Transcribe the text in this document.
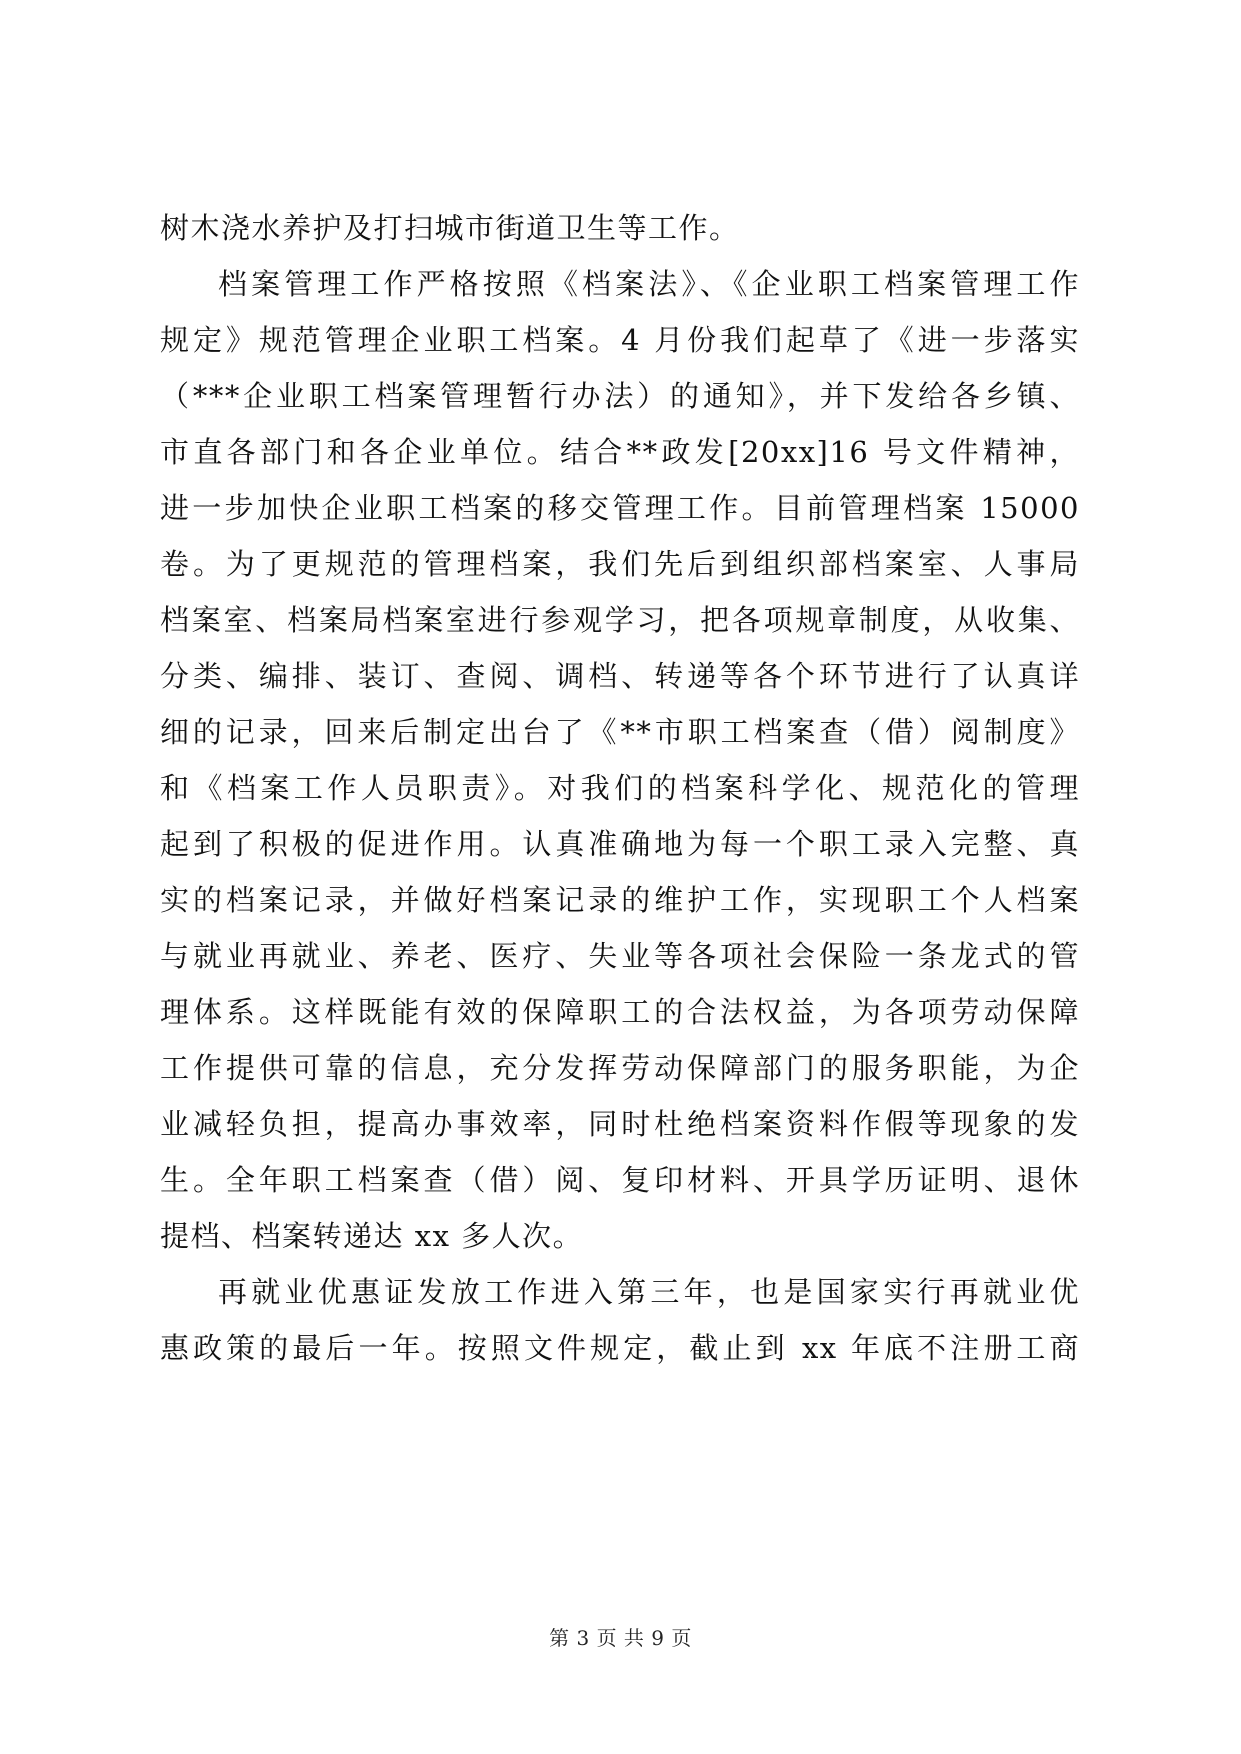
树木浇水养护及打扫城市街道卫生等工作。
档案管理工作严格按照《档案法》、《企业职工档案管理工作
规定》规范管理企业职工档案。4 月份我们起草了《进一步落实
（***企业职工档案管理暂行办法）的通知》，并下发给各乡镇、
市直各部门和各企业单位。结合**政发[20xx]16 号文件精神，
进一步加快企业职工档案的移交管理工作。目前管理档案 15000
卷。为了更规范的管理档案，我们先后到组织部档案室、人事局
档案室、档案局档案室进行参观学习，把各项规章制度，从收集、
分类、编排、装订、查阅、调档、转递等各个环节进行了认真详
细的记录，回来后制定出台了《**市职工档案查（借）阅制度》
和《档案工作人员职责》。对我们的档案科学化、规范化的管理
起到了积极的促进作用。认真准确地为每一个职工录入完整、真
实的档案记录，并做好档案记录的维护工作，实现职工个人档案
与就业再就业、养老、医疗、失业等各项社会保险一条龙式的管
理体系。这样既能有效的保障职工的合法权益，为各项劳动保障
工作提供可靠的信息，充分发挥劳动保障部门的服务职能，为企
业减轻负担，提高办事效率，同时杜绝档案资料作假等现象的发
生。全年职工档案查（借）阅、复印材料、开具学历证明、退休
提档、档案转递达 xx 多人次。
再就业优惠证发放工作进入第三年，也是国家实行再就业优
惠政策的最后一年。按照文件规定，截止到 xx 年底不注册工商
第 3 页 共 9 页
